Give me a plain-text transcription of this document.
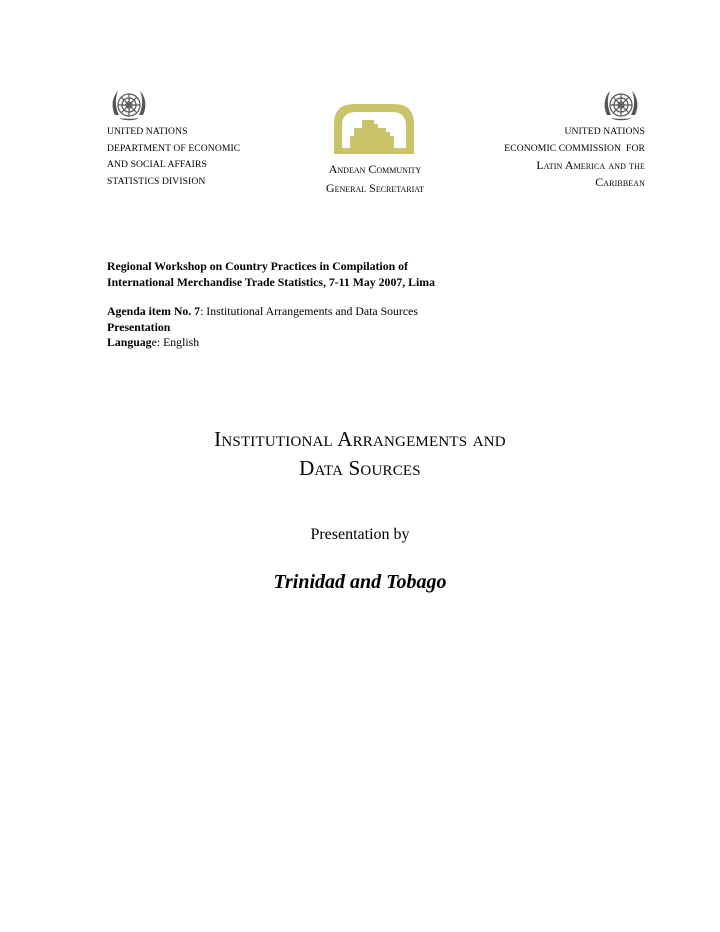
UNITED NATIONS
DEPARTMENT OF ECONOMIC
AND SOCIAL AFFAIRS
STATISTICS DIVISION
Andean Community
General Secretariat
UNITED NATIONS
ECONOMIC COMMISSION  FOR
Latin America and the
Caribbean
Regional Workshop on Country Practices in Compilation of
International Merchandise Trade Statistics, 7-11 May 2007, Lima
Agenda item No. 7: Institutional Arrangements and Data Sources
Presentation
Language: English
Institutional Arrangements and
Data Sources
Presentation by
Trinidad and Tobago
